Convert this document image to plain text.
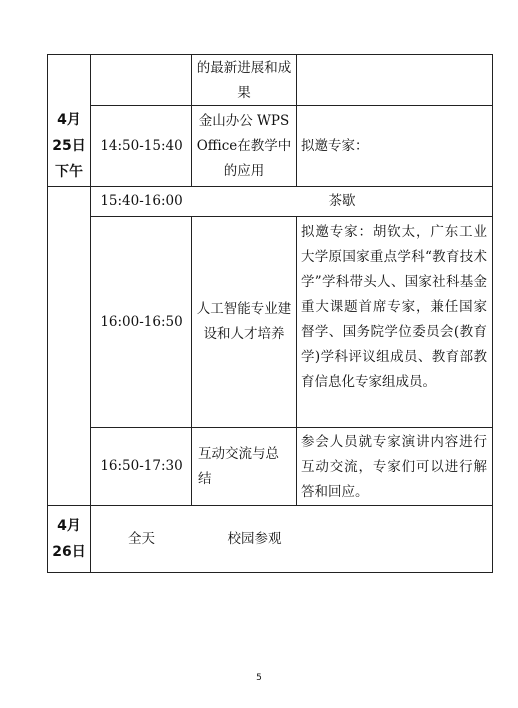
的最新进展和成果
4月25日下午
14:50-15:40
金山办公 WPS Office在教学中的应用
拟邀专家：
15:40-16:00	茶歇
16:00-16:50
人工智能专业建设和人才培养
拟邀专家：胡钦太，广东工业大学原国家重点学科“教育技术学”学科带头人、国家社科基金重大课题首席专家，兼任国家督学、国务院学位委员会(教育学)学科评议组成员、教育部教育信息化专家组成员。
16:50-17:30
互动交流与总结
参会人员就专家演讲内容进行互动交流，专家们可以进行解答和回应。
4月26日
全天	校园参观
5
